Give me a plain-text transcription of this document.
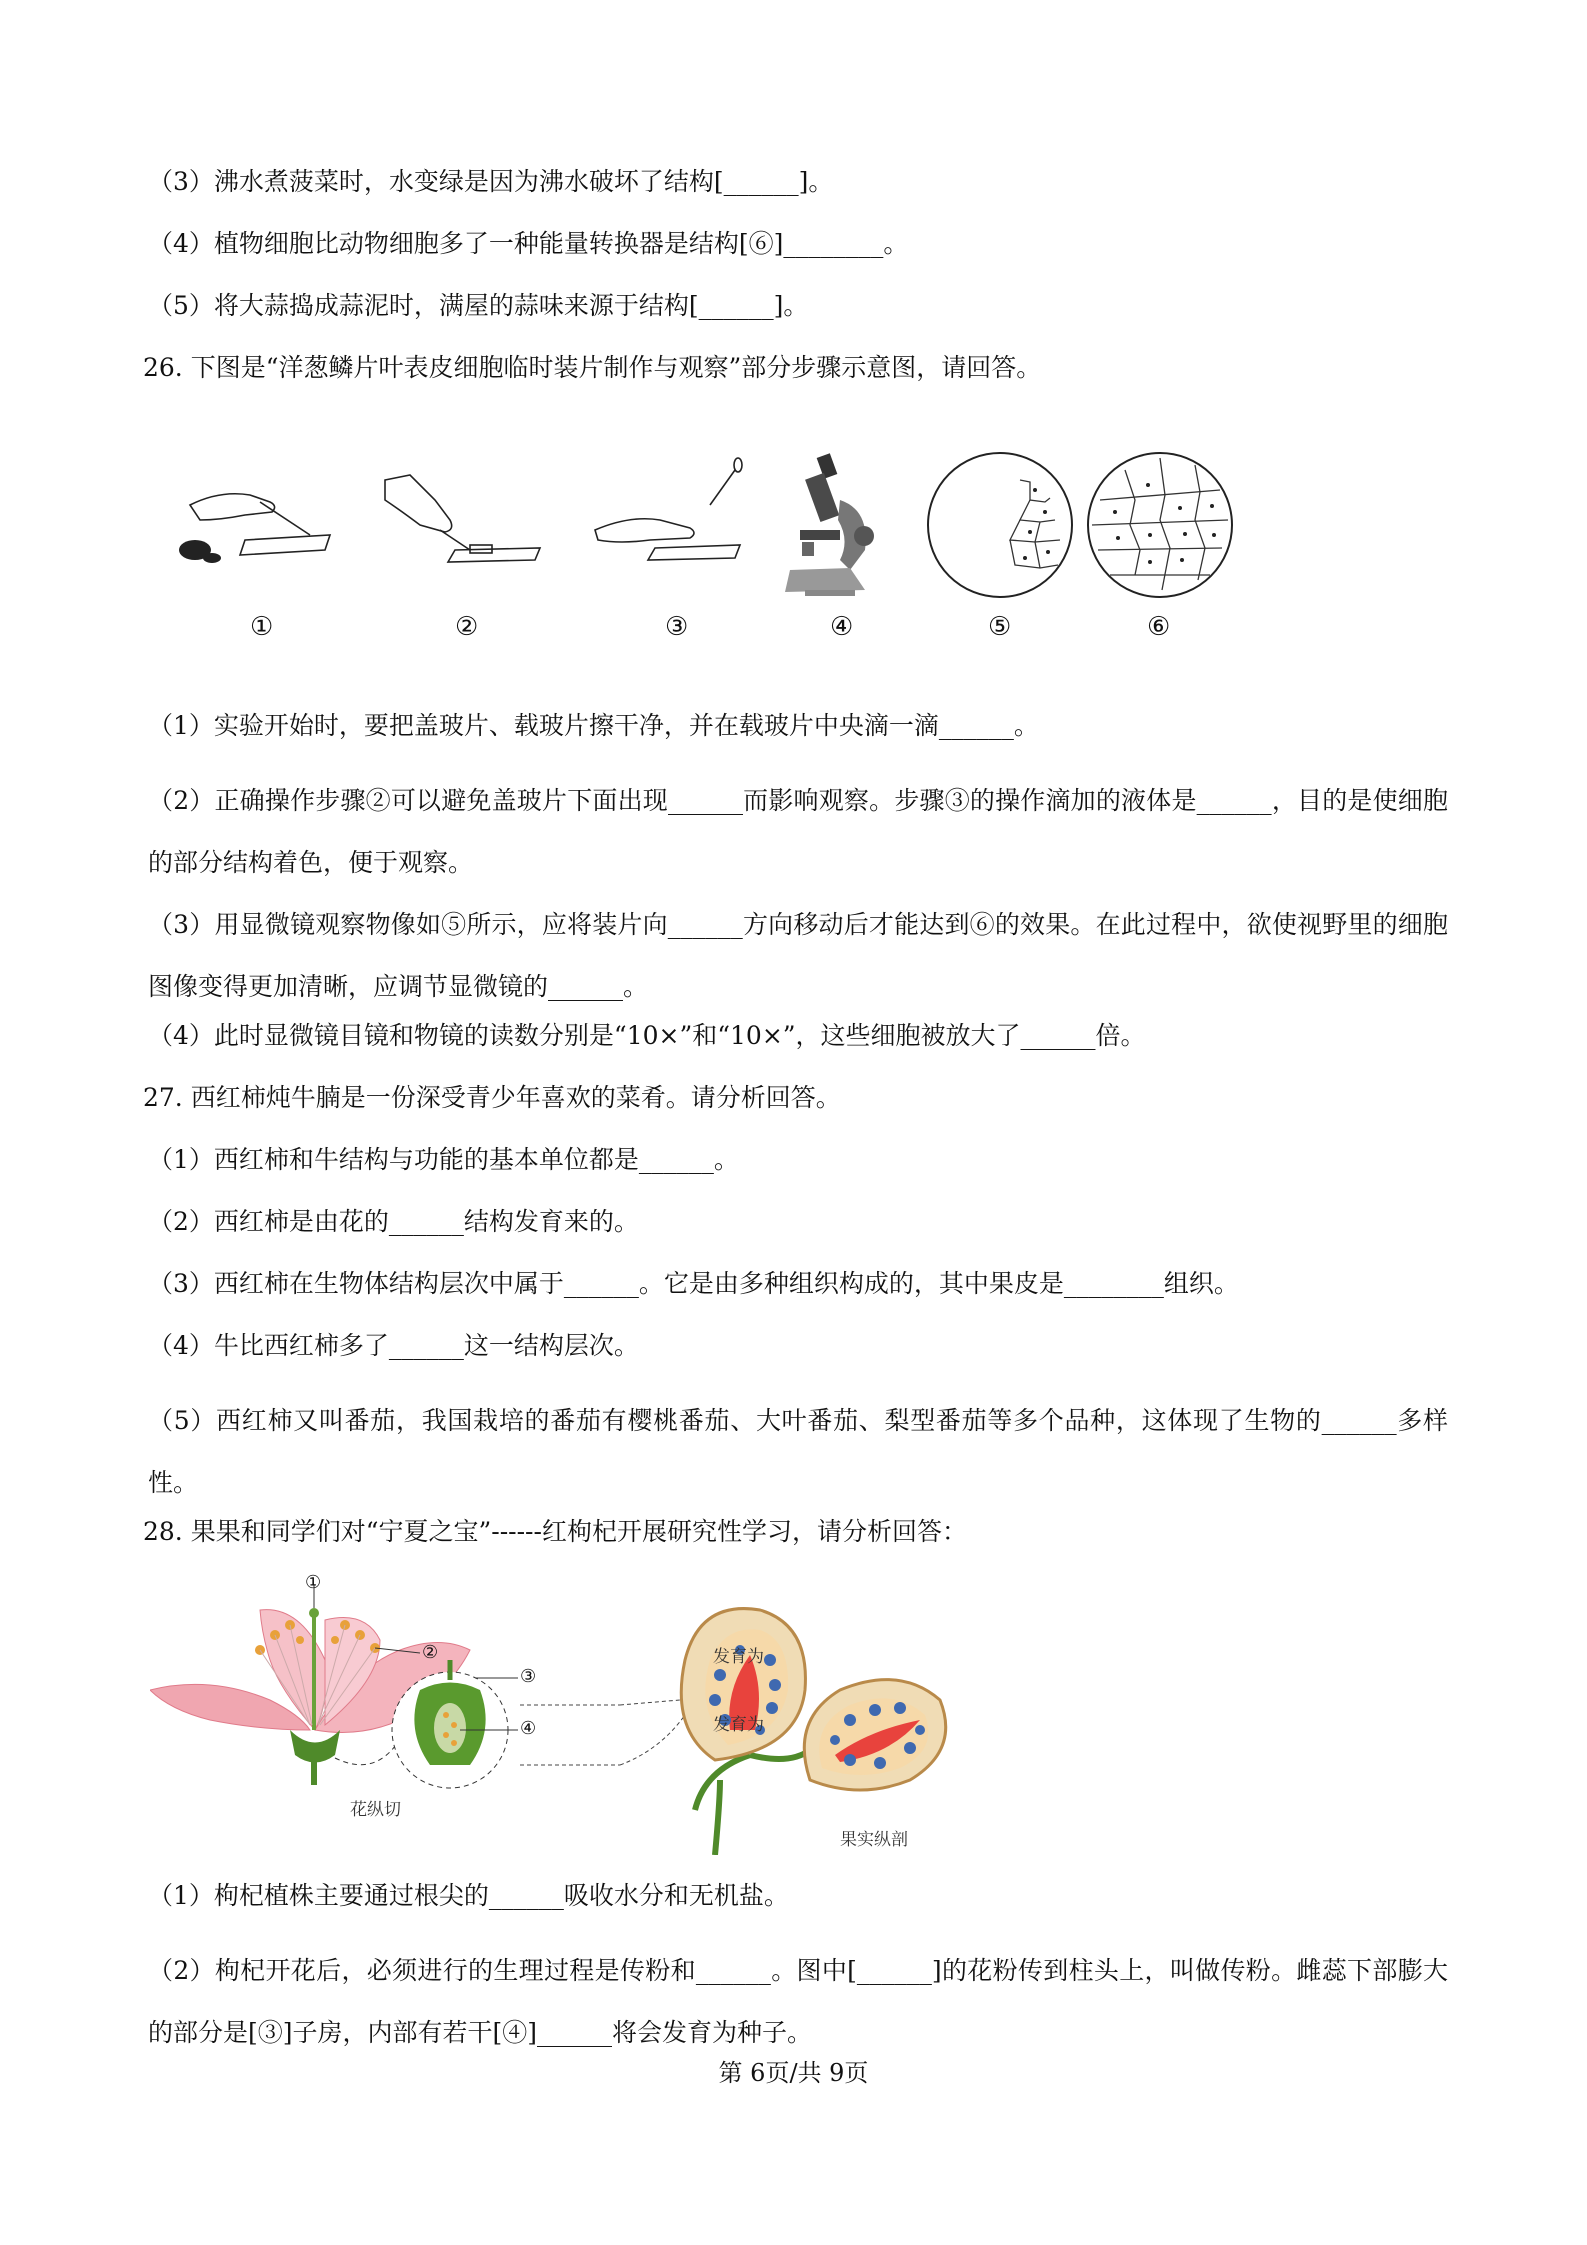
（3）沸水煮菠菜时，水变绿是因为沸水破坏了结构[______]。
（4）植物细胞比动物细胞多了一种能量转换器是结构[⑥]________。
（5）将大蒜捣成蒜泥时，满屋的蒜味来源于结构[______]。
26. 下图是“洋葱鳞片叶表皮细胞临时装片制作与观察”部分步骤示意图，请回答。
①	②	③	④	⑤	⑥
（1）实验开始时，要把盖玻片、载玻片擦干净，并在载玻片中央滴一滴______。
（2）正确操作步骤②可以避免盖玻片下面出现______而影响观察。步骤③的操作滴加的液体是______，目的是使细胞的部分结构着色，便于观察。
（3）用显微镜观察物像如⑤所示，应将装片向______方向移动后才能达到⑥的效果。在此过程中，欲使视野里的细胞图像变得更加清晰，应调节显微镜的______。
（4）此时显微镜目镜和物镜的读数分别是“10×”和“10×”，这些细胞被放大了______倍。
27. 西红柿炖牛腩是一份深受青少年喜欢的菜肴。请分析回答。
（1）西红柿和牛结构与功能的基本单位都是______。
（2）西红柿是由花的______结构发育来的。
（3）西红柿在生物体结构层次中属于______。它是由多种组织构成的，其中果皮是________组织。
（4）牛比西红柿多了______这一结构层次。
（5）西红柿又叫番茄，我国栽培的番茄有樱桃番茄、大叶番茄、梨型番茄等多个品种，这体现了生物的______多样性。
28. 果果和同学们对“宁夏之宝”------红枸杞开展研究性学习，请分析回答：
①
②
③
④
发育为
发育为
花纵切
果实纵剖
（1）枸杞植株主要通过根尖的______吸收水分和无机盐。
（2）枸杞开花后，必须进行的生理过程是传粉和______。图中[______]的花粉传到柱头上，叫做传粉。雌蕊下部膨大的部分是[③]子房，内部有若干[④]______将会发育为种子。
第 6页/共 9页
